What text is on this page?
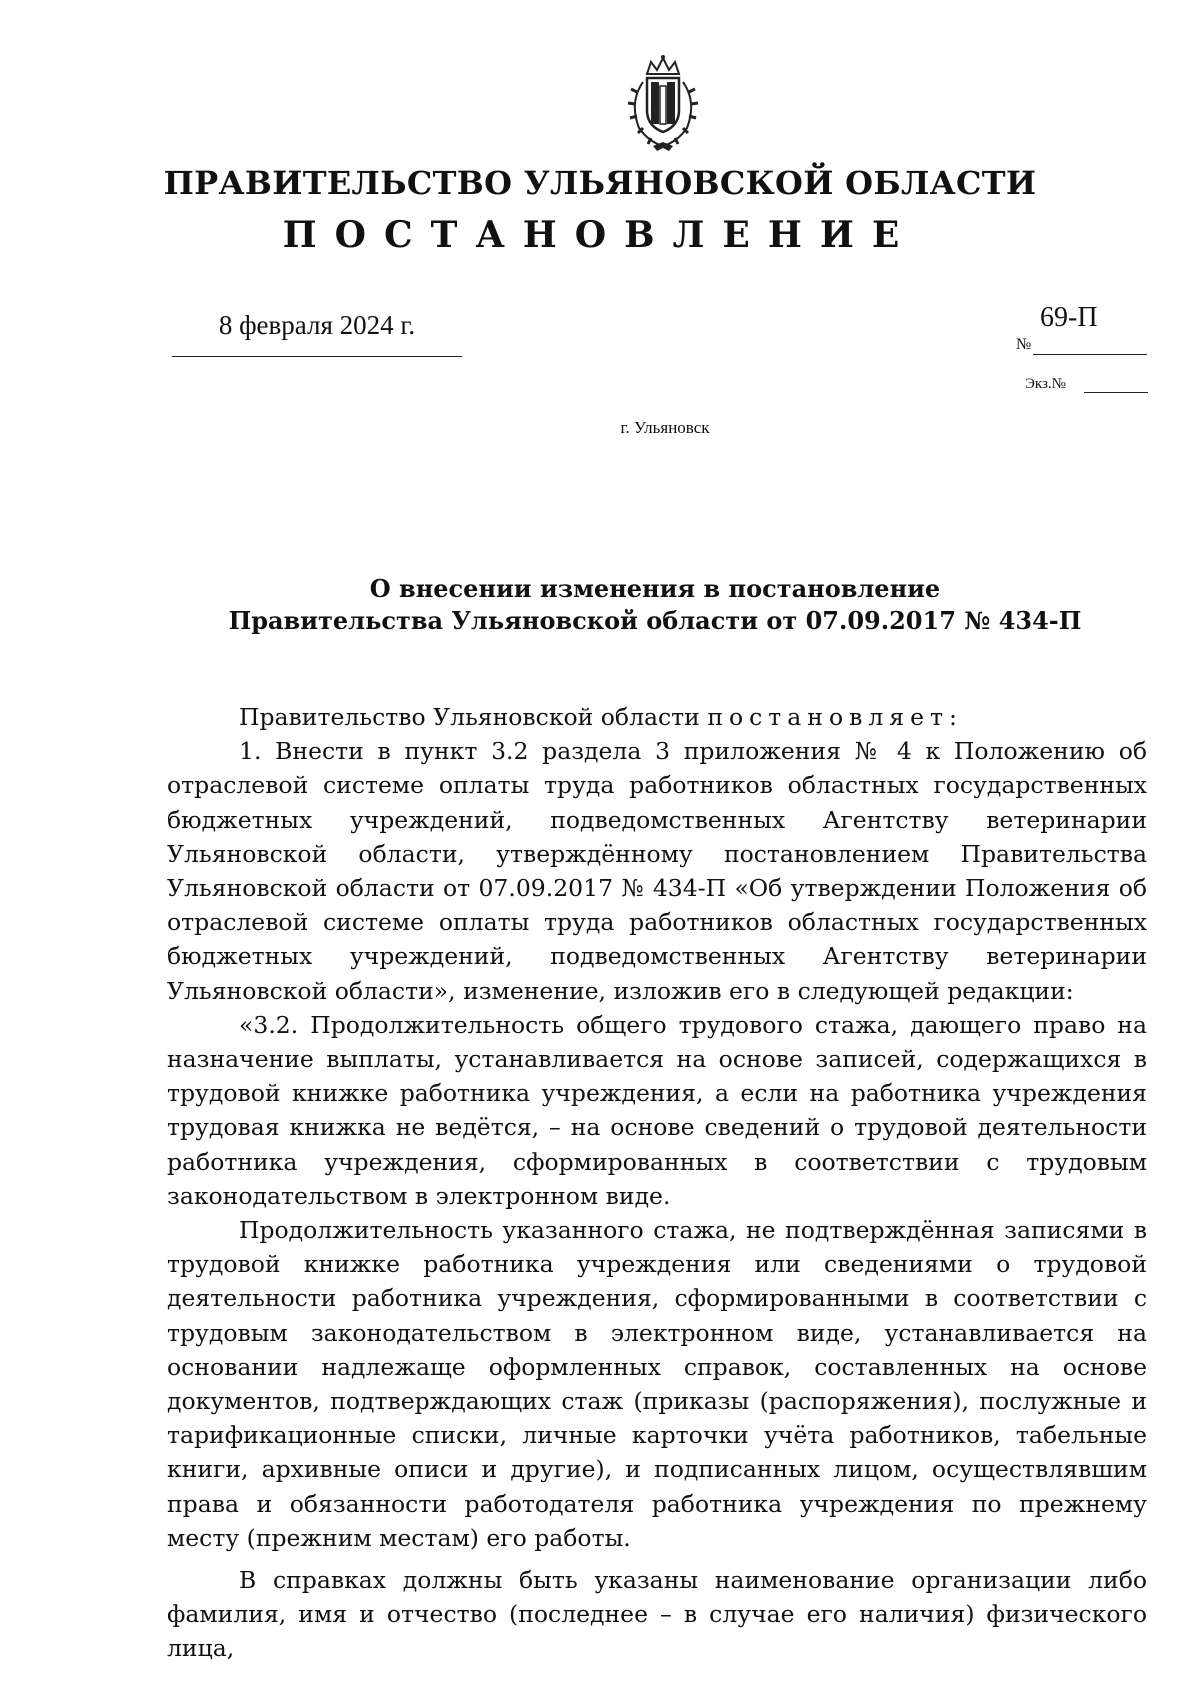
ПРАВИТЕЛЬСТВО УЛЬЯНОВСКОЙ ОБЛАСТИ
ПОСТАНОВЛЕНИЕ
8 февраля 2024 г.	69-П
№
Экз.№
г. Ульяновск
О внесении изменения в постановление
Правительства Ульяновской области от 07.09.2017 № 434-П

Правительство Ульяновской области постановляет:

1. Внести в пункт 3.2 раздела 3 приложения № 4 к Положению об отраслевой системе оплаты труда работников областных государственных бюджетных учреждений, подведомственных Агентству ветеринарии Ульяновской области, утверждённому постановлением Правительства Ульяновской области от 07.09.2017 № 434-П «Об утверждении Положения об отраслевой системе оплаты труда работников областных государственных бюджетных учреждений, подведомственных Агентству ветеринарии Ульяновской области», изменение, изложив его в следующей редакции:

«3.2. Продолжительность общего трудового стажа, дающего право на назначение выплаты, устанавливается на основе записей, содержащихся в трудовой книжке работника учреждения, а если на работника учреждения трудовая книжка не ведётся, – на основе сведений о трудовой деятельности работника учреждения, сформированных в соответствии с трудовым законодательством в электронном виде.

Продолжительность указанного стажа, не подтверждённая записями в трудовой книжке работника учреждения или сведениями о трудовой деятельности работника учреждения, сформированными в соответствии с трудовым законодательством в электронном виде, устанавливается на основании надлежаще оформленных справок, составленных на основе документов, подтверждающих стаж (приказы (распоряжения), послужные и тарификационные списки, личные карточки учёта работников, табельные книги, архивные описи и другие), и подписанных лицом, осуществлявшим права и обязанности работодателя работника учреждения по прежнему месту (прежним местам) его работы.

В справках должны быть указаны наименование организации либо фамилия, имя и отчество (последнее – в случае его наличия) физического лица,
